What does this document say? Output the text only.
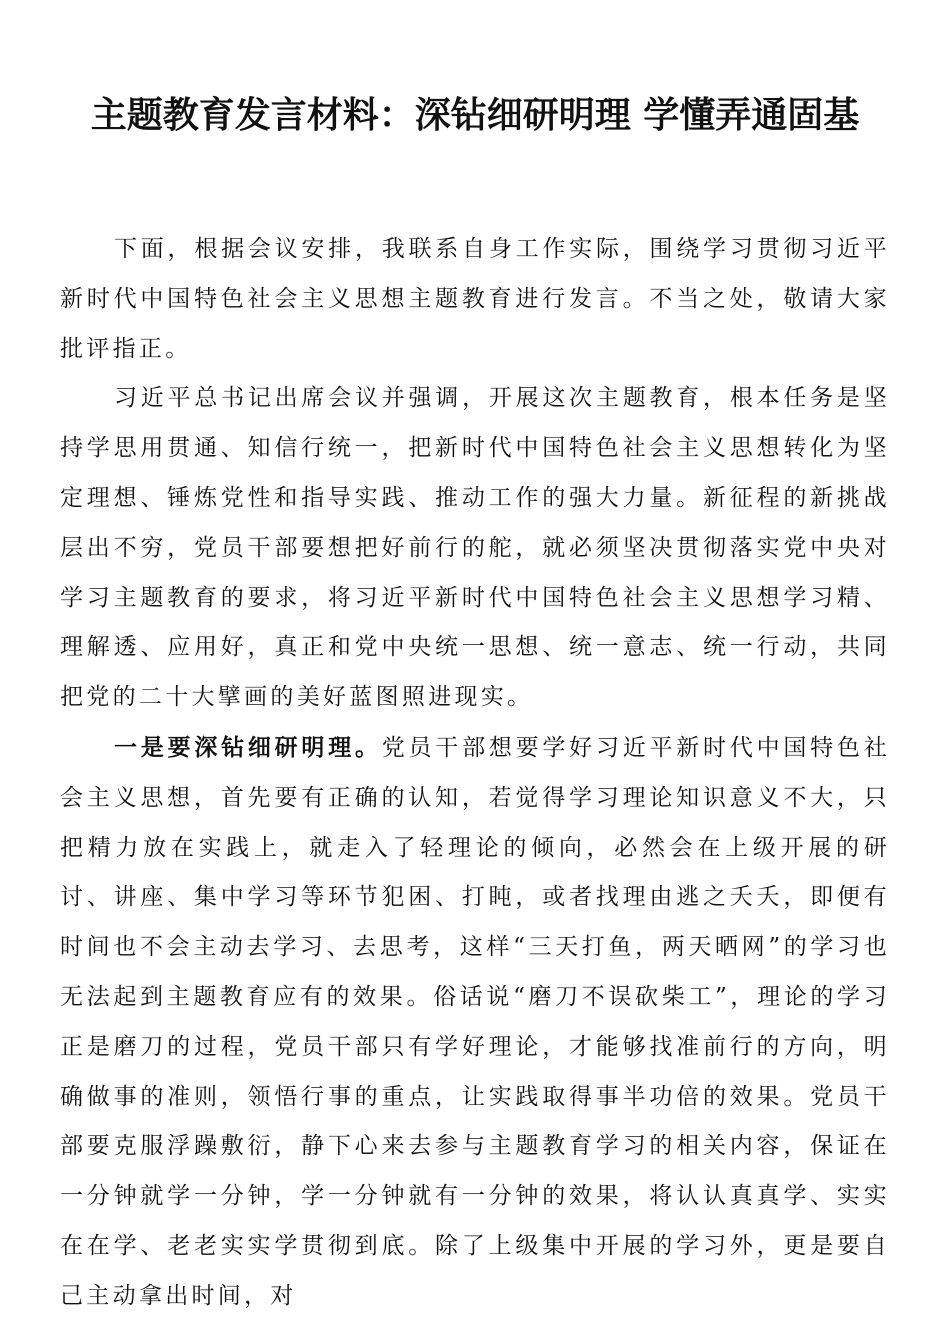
主题教育发言材料：深钻细研明理 学懂弄通固基

下面，根据会议安排，我联系自身工作实际，围绕学习贯彻习近平新时代中国特色社会主义思想主题教育进行发言。不当之处，敬请大家批评指正。

习近平总书记出席会议并强调，开展这次主题教育，根本任务是坚持学思用贯通、知信行统一，把新时代中国特色社会主义思想转化为坚定理想、锤炼党性和指导实践、推动工作的强大力量。新征程的新挑战层出不穷，党员干部要想把好前行的舵，就必须坚决贯彻落实党中央对学习主题教育的要求，将习近平新时代中国特色社会主义思想学习精、理解透、应用好，真正和党中央统一思想、统一意志、统一行动，共同把党的二十大擘画的美好蓝图照进现实。

一是要深钻细研明理。党员干部想要学好习近平新时代中国特色社会主义思想，首先要有正确的认知，若觉得学习理论知识意义不大，只把精力放在实践上，就走入了轻理论的倾向，必然会在上级开展的研讨、讲座、集中学习等环节犯困、打盹，或者找理由逃之夭夭，即便有时间也不会主动去学习、去思考，这样“三天打鱼，两天晒网”的学习也无法起到主题教育应有的效果。俗话说“磨刀不误砍柴工”，理论的学习正是磨刀的过程，党员干部只有学好理论，才能够找准前行的方向，明确做事的准则，领悟行事的重点，让实践取得事半功倍的效果。党员干部要克服浮躁敷衍，静下心来去参与主题教育学习的相关内容，保证在一分钟就学一分钟，学一分钟就有一分钟的效果，将认认真真学、实实在在学、老老实实学贯彻到底。除了上级集中开展的学习外，更是要自己主动拿出时间，对
